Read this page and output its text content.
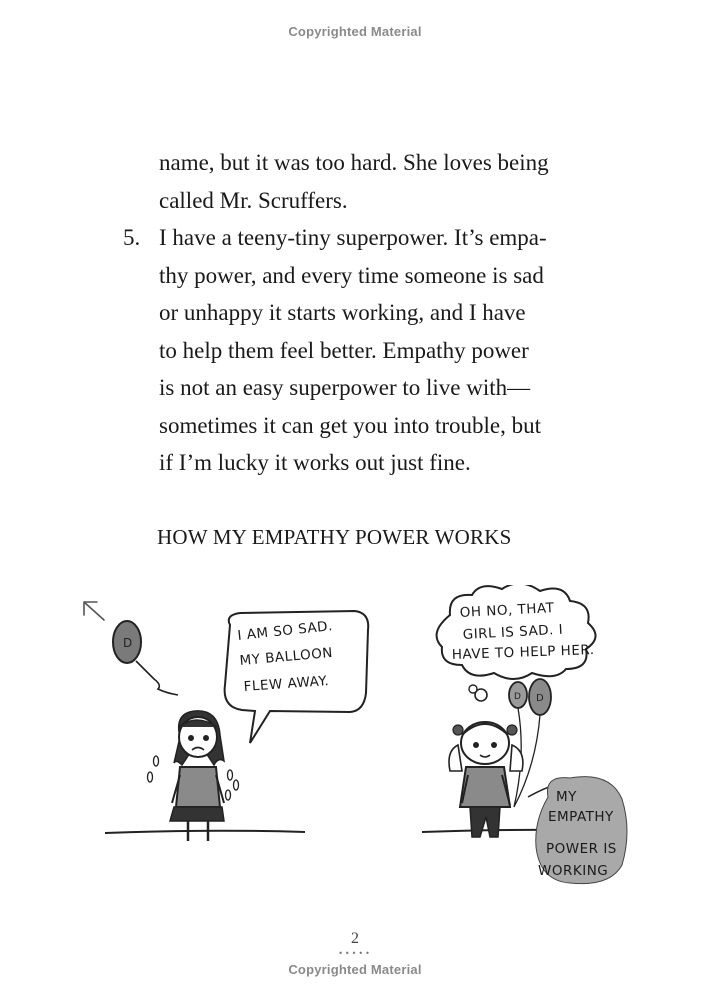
Copyrighted Material
name, but it was too hard. She loves being
called Mr. Scruffers.
5. I have a teeny-tiny superpower. It’s empa-
thy power, and every time someone is sad
or unhappy it starts working, and I have
to help them feel better. Empathy power
is not an easy superpower to live with—
sometimes it can get you into trouble, but
if I’m lucky it works out just fine.
HOW MY EMPATHY POWER WORKS
D	I AM SO SAD.
MY BALLOON
FLEW AWAY.
OH NO, THAT
GIRL IS SAD. I
HAVE TO HELP HER.
D D
MY
EMPATHY
POWER IS
WORKING
2
•••••
Copyrighted Material
